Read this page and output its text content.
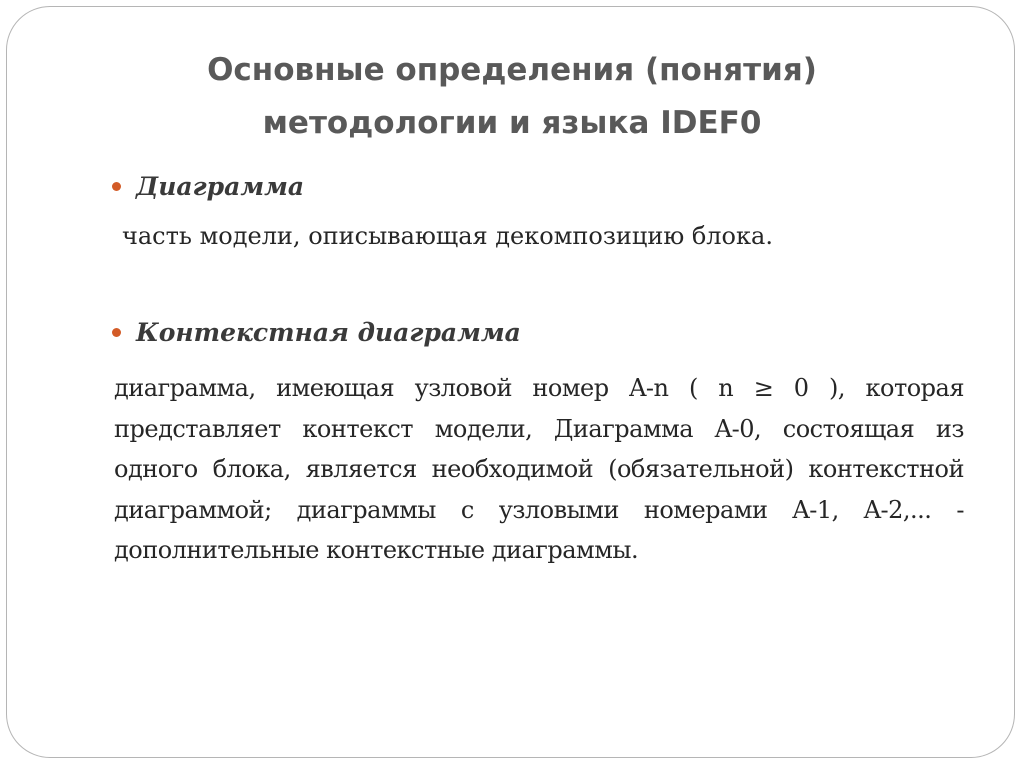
Основные определения (понятия)
методологии и языка IDEF0
Диаграмма

часть модели, описывающая декомпозицию блока.

Контекстная диаграмма

диаграмма, имеющая узловой номер A-n ( n ≥ 0 ), которая представляет контекст модели, Диаграмма A-0, состоящая из одного блока, является необходимой (обязательной) контекстной диаграммой; диаграммы с узловыми номерами A-1, A-2,... - дополнительные контекстные диаграммы.
